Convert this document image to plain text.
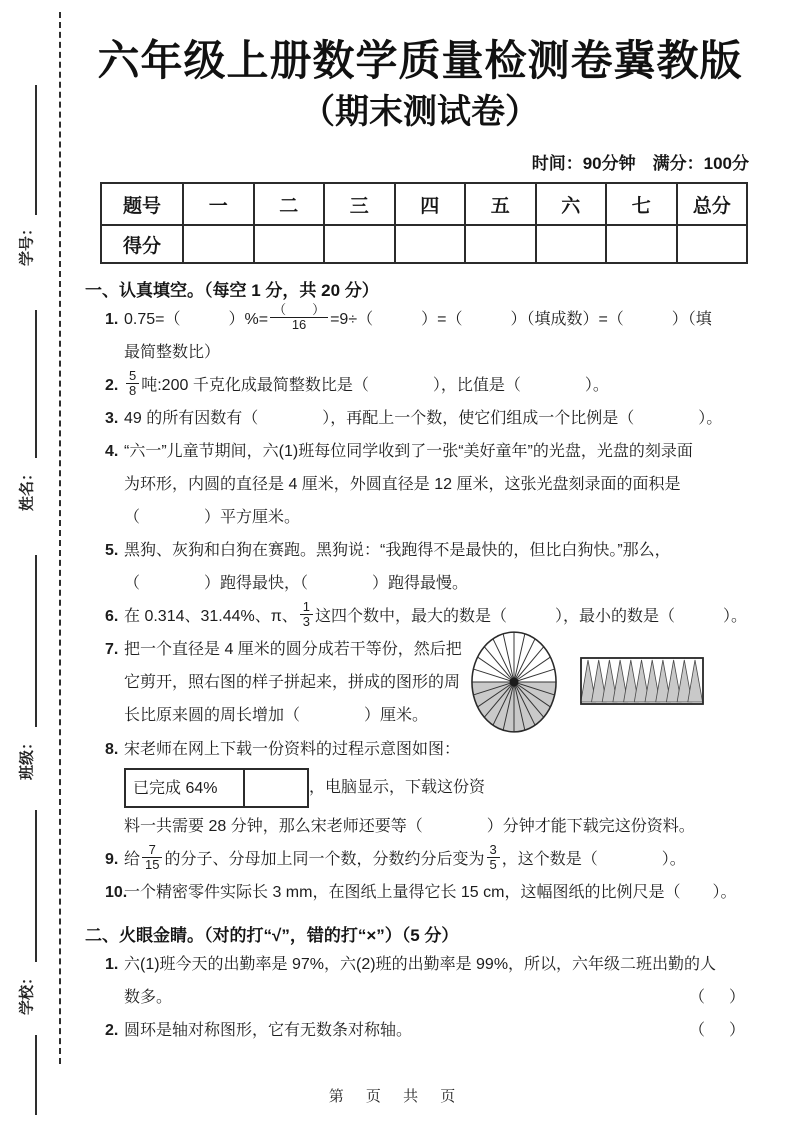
学号：
姓名：
班级：
学校：
六年级上册数学质量检测卷冀教版
（期末测试卷）
时间：90分钟　满分：100分
题号	一	二	三	四	五	六	七	总分
得分								
一、认真填空。（每空 1 分，共 20 分）
1. 0.75=（　　　）%= $\frac{( )}{16} =9\div$（　　　）=（　　　）（填成数）=（　　　）（填
最简整数比）
2. $\frac{5}{8}$ 吨:200 千克化成最简整数比是（　　　　），比值是（　　　　）。
3. 49 的所有因数有（　　　　），再配上一个数，使它们组成一个比例是（　　　　）。
4. “六一”儿童节期间，六(1)班每位同学收到了一张“美好童年”的光盘，光盘的刻录面
为环形，内圆的直径是 4 厘米，外圆直径是 12 厘米，这张光盘刻录面的面积是
（　　　　）平方厘米。
5. 黑狗、灰狗和白狗在赛跑。黑狗说：“我跑得不是最快的，但比白狗快。”那么，
（　　　　）跑得最快，（　　　　）跑得最慢。
6. 在 0.314、31.44%、π、 $\frac{1}{3}$ 这四个数中，最大的数是（　　　），最小的数是（　　　）。
7. 把一个直径是 4 厘米的圆分成若干等份，然后把
它剪开，照右图的样子拼起来，拼成的图形的周
长比原来圆的周长增加（　　　　）厘米。
8. 宋老师在网上下载一份资料的过程示意图如图：
已完成 64%	，电脑显示，下载这份资
料一共需要 28 分钟，那么宋老师还要等（　　　　）分钟才能下载完这份资料。
9. 给 $\frac{7}{15}$ 的分子、分母加上同一个数，分数约分后变为 $\frac{3}{5}$ ，这个数是（　　　　）。
10.
一个精密零件实际长 3 mm，在图纸上量得它长 15 cm，这幅图纸的比例尺是（　　）。
二、火眼金睛。（对的打“√”，错的打“×”）（5 分）
1. 六(1)班今天的出勤率是 97%，六(2)班的出勤率是 99%，所以，六年级二班出勤的人
数多。	（　）
2. 圆环是轴对称图形，它有无数条对称轴。	（　）
第 页 共 页
